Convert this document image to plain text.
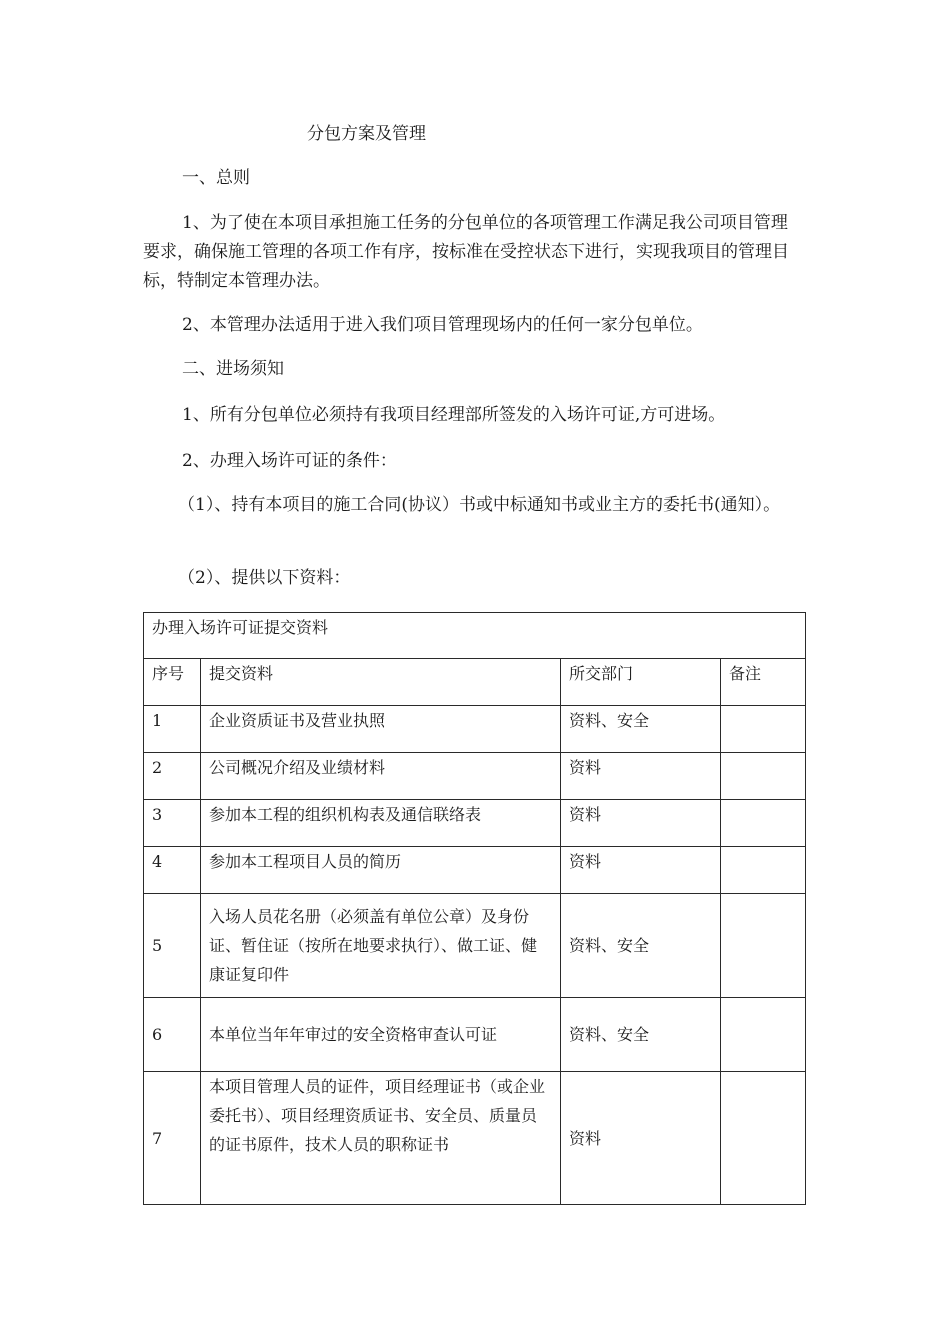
分包方案及管理

一、总则

1、为了使在本项目承担施工任务的分包单位的各项管理工作满足我公司项目管理要求，确保施工管理的各项工作有序，按标准在受控状态下进行，实现我项目的管理目标，特制定本管理办法。

2、本管理办法适用于进入我们项目管理现场内的任何一家分包单位。

二、进场须知

1、所有分包单位必须持有我项目经理部所签发的入场许可证,方可进场。

2、办理入场许可证的条件：

（1）、持有本项目的施工合同(协议）书或中标通知书或业主方的委托书(通知）。

（2）、提供以下资料：

办理入场许可证提交资料			
序号	提交资料	所交部门	备注
1	企业资质证书及营业执照	资料、安全	
2	公司概况介绍及业绩材料	资料	
3	参加本工程的组织机构表及通信联络表	资料	
4	参加本工程项目人员的简历	资料	
5	入场人员花名册（必须盖有单位公章）及身份证、暂住证（按所在地要求执行）、做工证、健康证复印件	资料、安全	
6	本单位当年年审过的安全资格审查认可证	资料、安全	
7	本项目管理人员的证件，项目经理证书（或企业委托书）、项目经理资质证书、安全员、质量员的证书原件，技术人员的职称证书	资料	
